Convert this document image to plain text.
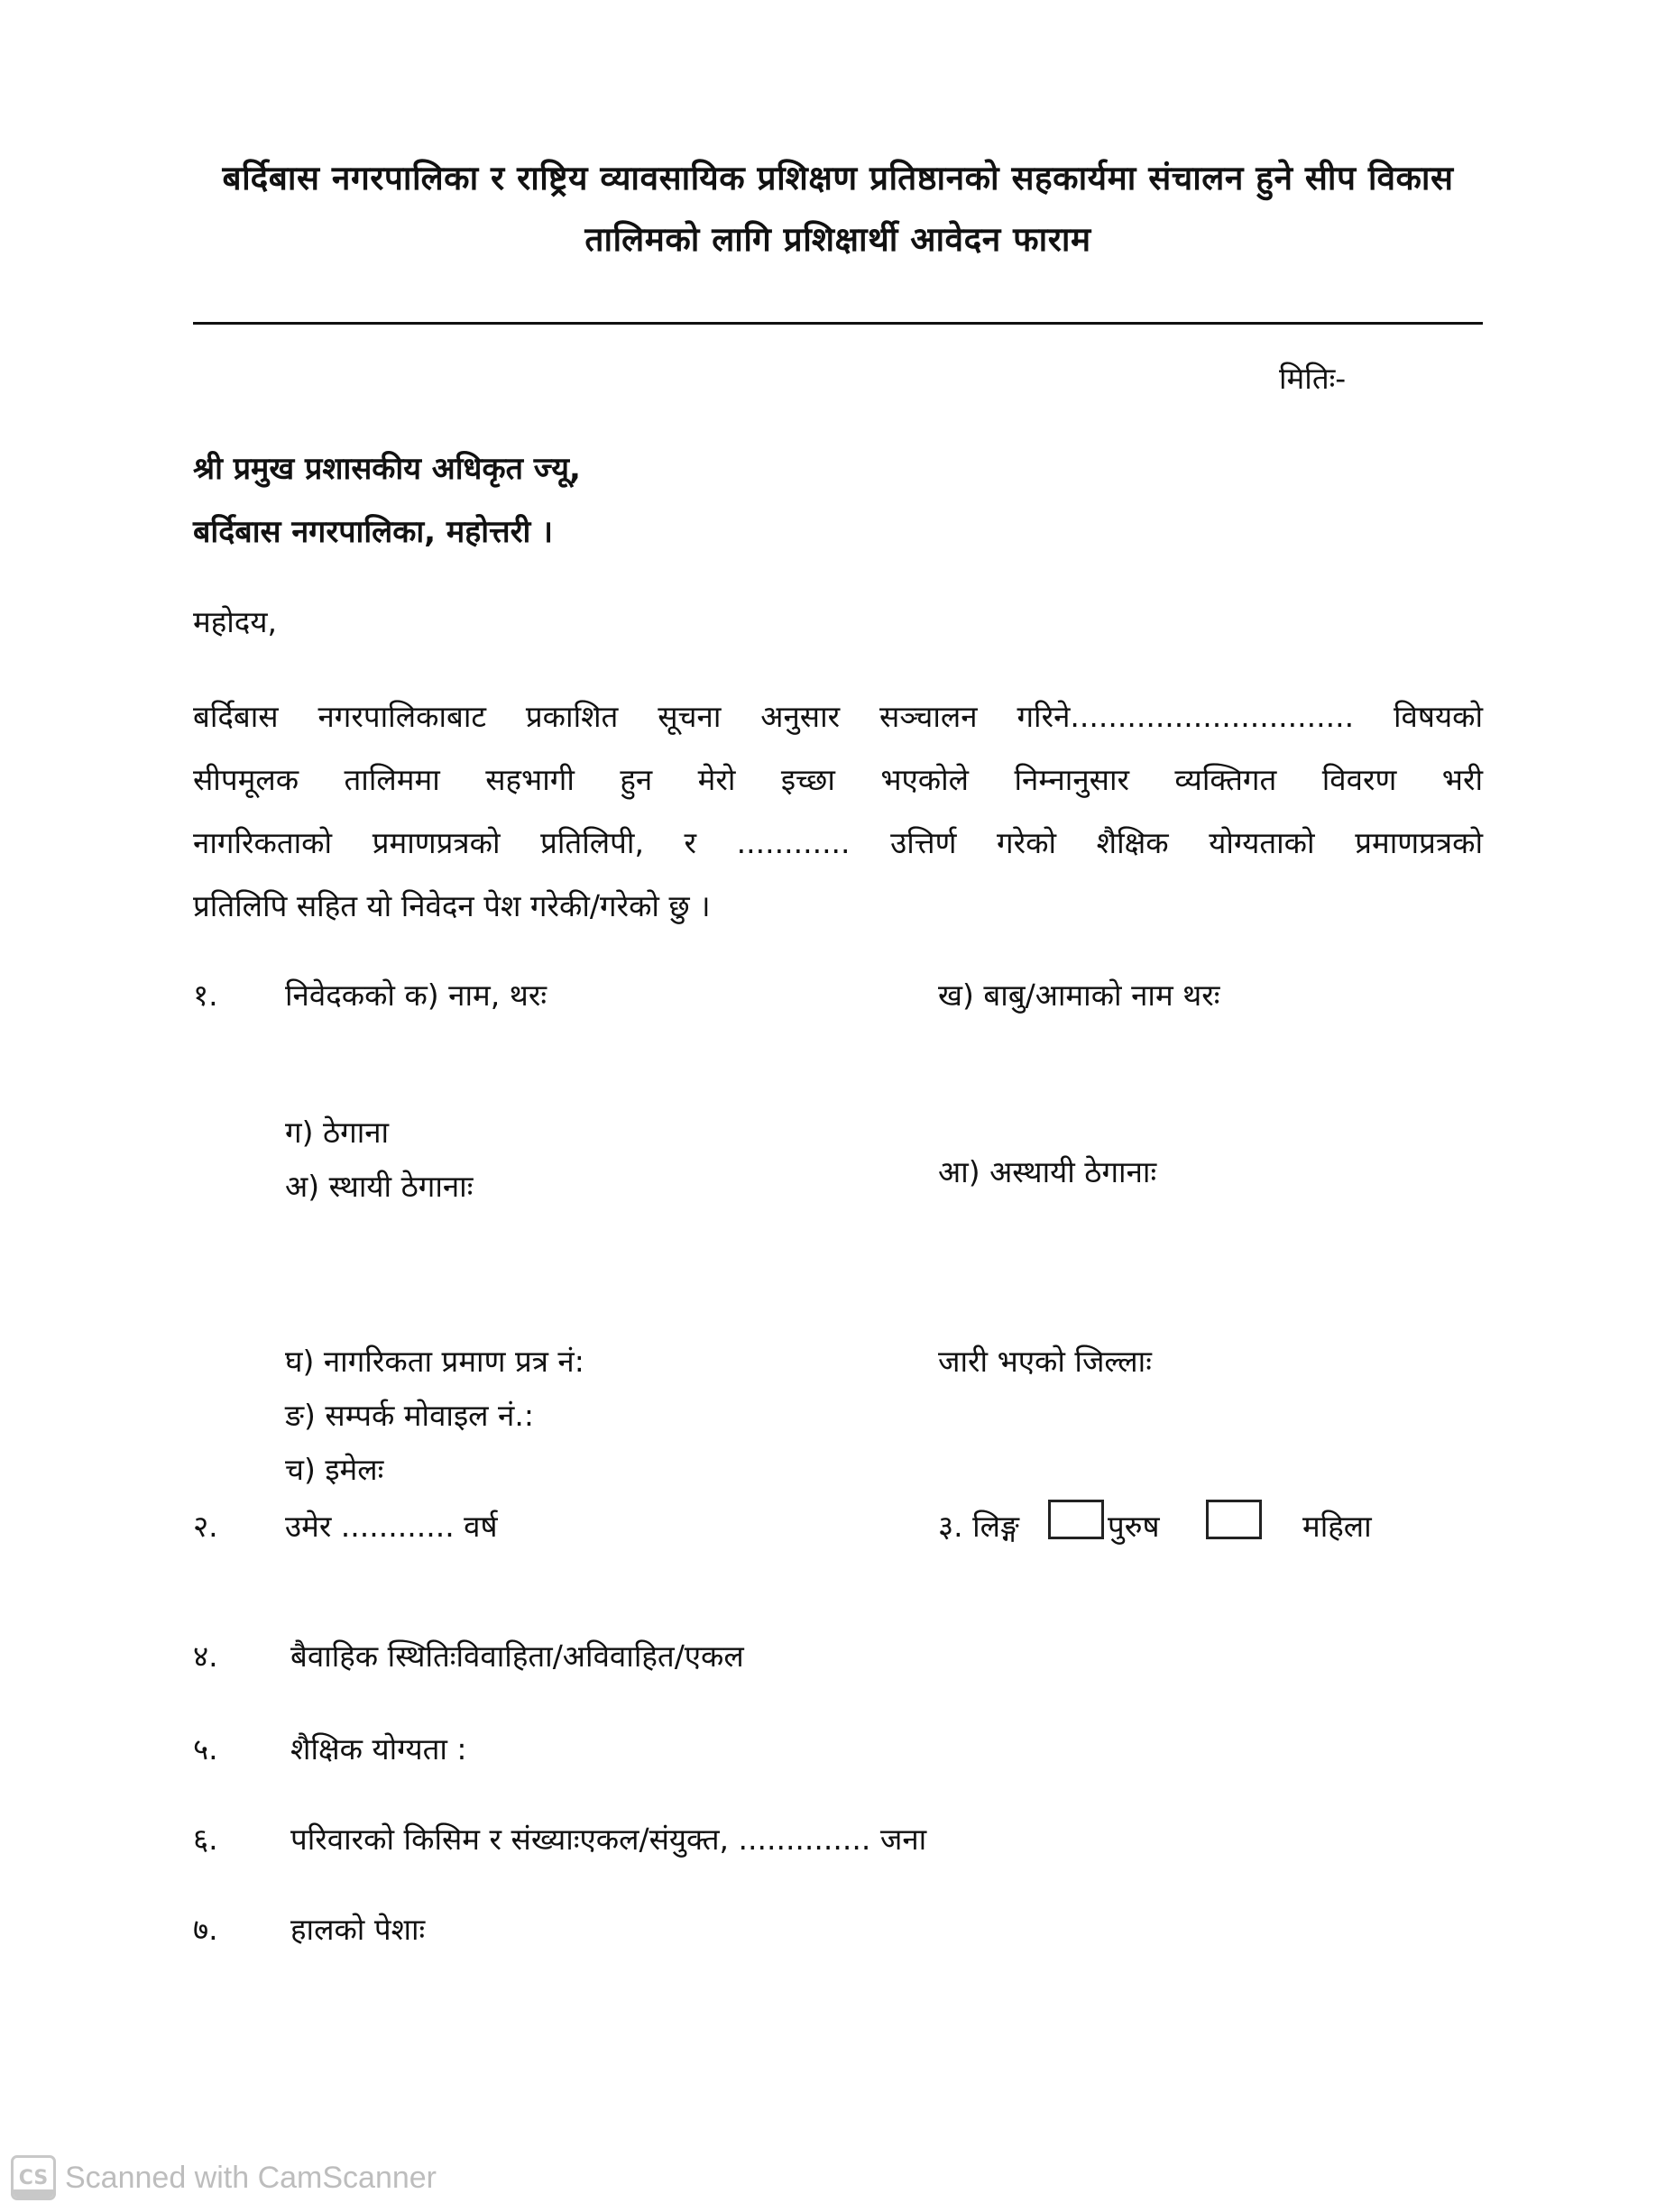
बर्दिबास नगरपालिका र राष्ट्रिय व्यावसायिक प्रशिक्षण प्रतिष्ठानको सहकार्यमा संचालन हुने सीप विकास
तालिमको लागि प्रशिक्षार्थी आवेदन फाराम
मितिः-
श्री प्रमुख प्रशासकीय अधिकृत ज्यू,
बर्दिबास नगरपालिका, महोत्तरी ।
महोदय,
बर्दिबास नगरपालिकाबाट प्रकाशित सूचना अनुसार सञ्चालन गरिने.............................. विषयको
सीपमूलक तालिममा सहभागी हुन मेरो इच्छा भएकोले निम्नानुसार व्यक्तिगत विवरण भरी
नागरिकताको प्रमाणप्रत्रको प्रतिलिपी, र ............ उत्तिर्ण गरेको शैक्षिक योग्यताको प्रमाणप्रत्रको
प्रतिलिपि सहित यो निवेदन पेश गरेकी/गरेको छु ।
१. निवेदकको क) नाम, थरः	ख) बाबु/आमाको नाम थरः
ग) ठेगाना
अ) स्थायी ठेगानाः	आ) अस्थायी ठेगानाः
घ) नागरिकता प्रमाण प्रत्र नं:	जारी भएको जिल्लाः
ङ) सम्पर्क मोवाइल नं.:
च) इमेलः
२. उमेर ............ वर्ष	३. लिङ्ग	पुरुष	महिला
४. बैवाहिक स्थितिःविवाहिता/अविवाहित/एकल
५. शैक्षिक योग्यता :
६. परिवारको किसिम र संख्याःएकल/संयुक्त, .............. जना
७. हालको पेशाः
CS Scanned with CamScanner
